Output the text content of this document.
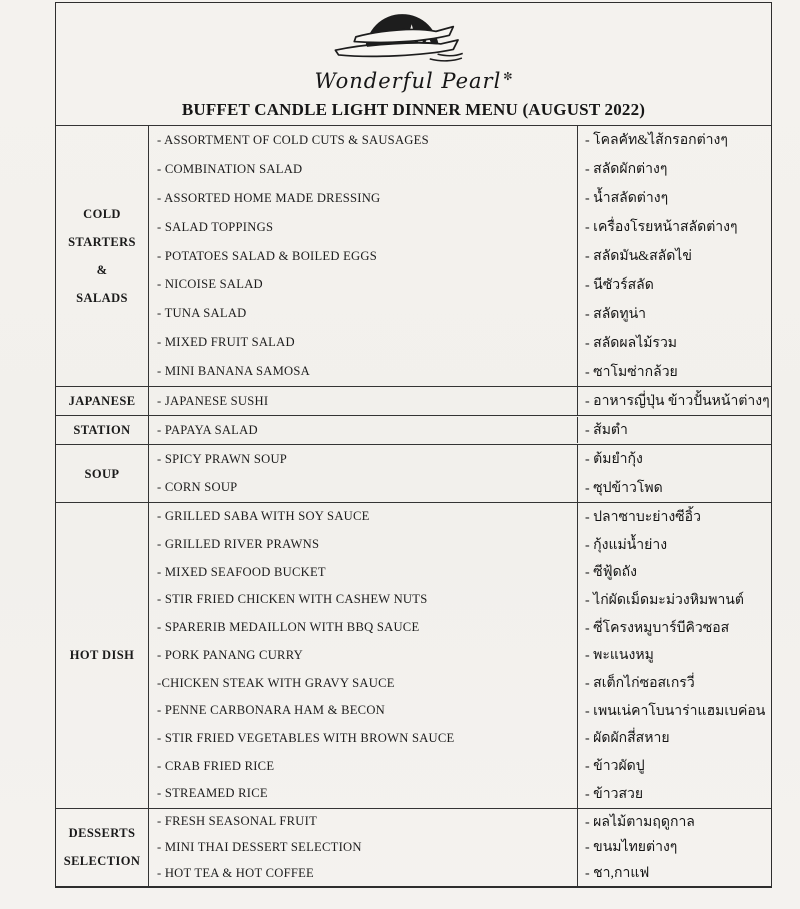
Wonderful Pearl ✼
BUFFET CANDLE LIGHT DINNER MENU (AUGUST 2022)
COLD
STARTERS
&
SALADS
- ASSORTMENT OF COLD CUTS & SAUSAGES	- โคลคัท&ไส้กรอกต่างๆ
- COMBINATION SALAD	- สลัดผักต่างๆ
- ASSORTED HOME MADE DRESSING	- น้ำสลัดต่างๆ
- SALAD TOPPINGS	- เครื่องโรยหน้าสลัดต่างๆ
- POTATOES SALAD & BOILED EGGS	- สลัดมัน&สลัดไข่
- NICOISE SALAD	- นีซัวร์สลัด
- TUNA SALAD	- สลัดทูน่า
- MIXED FRUIT SALAD	- สลัดผลไม้รวม
- MINI BANANA SAMOSA	- ซาโมซ่ากล้วย
JAPANESE	- JAPANESE SUSHI	- อาหารญี่ปุ่น ข้าวปั้นหน้าต่างๆ
STATION	- PAPAYA SALAD	- ส้มตำ
SOUP
- SPICY PRAWN SOUP	- ต้มยำกุ้ง
- CORN SOUP	- ซุปข้าวโพด
HOT DISH
- GRILLED SABA WITH SOY SAUCE	- ปลาซาบะย่างซีอิ้ว
- GRILLED RIVER PRAWNS	- กุ้งแม่น้ำย่าง
- MIXED SEAFOOD BUCKET	- ซีฟู้ดถัง
- STIR FRIED CHICKEN WITH CASHEW NUTS	- ไก่ผัดเม็ดมะม่วงหิมพานต์
- SPARERIB MEDAILLON WITH BBQ SAUCE	- ซี่โครงหมูบาร์บีคิวซอส
- PORK PANANG CURRY	- พะแนงหมู
-CHICKEN STEAK WITH GRAVY SAUCE	- สเต็กไก่ซอสเกรวี่
- PENNE CARBONARA HAM & BECON	- เพนเน่คาโบนาร่าแฮมเบค่อน
- STIR FRIED VEGETABLES WITH BROWN SAUCE	- ผัดผักสี่สหาย
- CRAB FRIED RICE	- ข้าวผัดปู
- STREAMED RICE	- ข้าวสวย
DESSERTS
SELECTION
- FRESH SEASONAL FRUIT	- ผลไม้ตามฤดูกาล
- MINI THAI DESSERT SELECTION	- ขนมไทยต่างๆ
- HOT TEA & HOT COFFEE	- ชา,กาแฟ
